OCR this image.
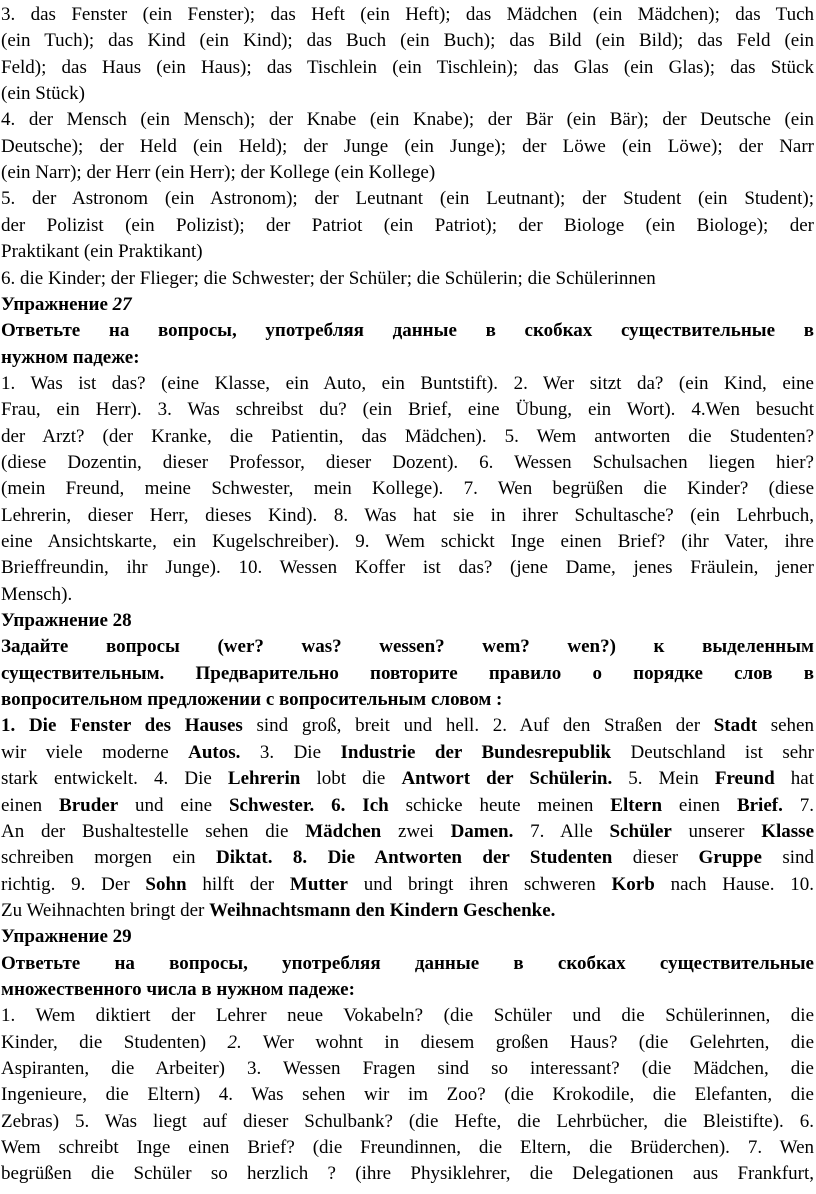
3. das Fenster (ein Fenster); das Heft (ein Heft); das Mädchen (ein Mädchen); das Tuch
(ein Tuch); das Kind (ein Kind); das Buch (ein Buch); das Bild (ein Bild); das Feld (ein
Feld); das Haus (ein Haus); das Tischlein (ein Tischlein); das Glas (ein Glas); das Stück
(ein Stück)
4. der Mensch (ein Mensch); der Knabe (ein Knabe); der Bär (ein Bär); der Deutsche (ein
Deutsche); der Held (ein Held); der Junge (ein Junge); der Löwe (ein Löwe); der Narr
(ein Narr); der Herr (ein Herr); der Kollege (ein Kollege)
5. der Astronom (ein Astronom); der Leutnant (ein Leutnant); der Student (ein Student);
der Polizist (ein Polizist); der Patriot (ein Patriot); der Biologe (ein Biologe); der
Praktikant (ein Praktikant)
6. die Kinder; der Flieger; die Schwester; der Schüler; die Schülerin; die Schülerinnen
Упражнение 27
Ответьте на вопросы, употребляя данные в скобках существительные в
нужном падеже:
1. Was ist das? (eine Klasse, ein Auto, ein Buntstift). 2. Wer sitzt da? (ein Kind, eine
Frau, ein Herr). 3. Was schreibst du? (ein Brief, eine Übung, ein Wort). 4.Wen besucht
der Arzt? (der Kranke, die Patientin, das Mädchen). 5. Wem antworten die Studenten?
(diese Dozentin, dieser Professor, dieser Dozent). 6. Wessen Schulsachen liegen hier?
(mein Freund, meine Schwester, mein Kollege). 7. Wen begrüßen die Kinder? (diese
Lehrerin, dieser Herr, dieses Kind). 8. Was hat sie in ihrer Schultasche? (ein Lehrbuch,
eine Ansichtskarte, ein Kugelschreiber). 9. Wem schickt Inge einen Brief? (ihr Vater, ihre
Brieffreundin, ihr Junge). 10. Wessen Koffer ist das? (jene Dame, jenes Fräulein, jener
Mensch).
Упражнение 28
Задайте вопросы (wer? was? wessen? wem? wen?) к выделенным
существительным. Предварительно повторите правило о порядке слов в
вопросительном предложении с вопросительным словом :
1. Die Fenster des Hauses sind groß, breit und hell. 2. Auf den Straßen der Stadt sehen
wir viele moderne Autos. 3. Die Industrie der Bundesrepublik Deutschland ist sehr
stark entwickelt. 4. Die Lehrerin lobt die Antwort der Schülerin. 5. Mein Freund hat
einen Bruder und eine Schwester. 6. Ich schicke heute meinen Eltern einen Brief. 7.
An der Bushaltestelle sehen die Mädchen zwei Damen. 7. Alle Schüler unserer Klasse
schreiben morgen ein Diktat. 8. Die Antworten der Studenten dieser Gruppe sind
richtig. 9. Der Sohn hilft der Mutter und bringt ihren schweren Korb nach Hause. 10.
Zu Weihnachten bringt der Weihnachtsmann den Kindern Geschenke.
Упражнение 29
Ответьте на вопросы, употребляя данные в скобках существительные
множественного числа в нужном падеже:
1. Wem diktiert der Lehrer neue Vokabeln? (die Schüler und die Schülerinnen, die
Kinder, die Studenten) 2. Wer wohnt in diesem großen Haus? (die Gelehrten, die
Aspiranten, die Arbeiter) 3. Wessen Fragen sind so interessant? (die Mädchen, die
Ingenieure, die Eltern) 4. Was sehen wir im Zoo? (die Krokodile, die Elefanten, die
Zebras) 5. Was liegt auf dieser Schulbank? (die Hefte, die Lehrbücher, die Bleistifte). 6.
Wem schreibt Inge einen Brief? (die Freundinnen, die Eltern, die Brüderchen). 7. Wen
begrüßen die Schüler so herzlich ? (ihre Physiklehrer, die Delegationen aus Frankfurt,
